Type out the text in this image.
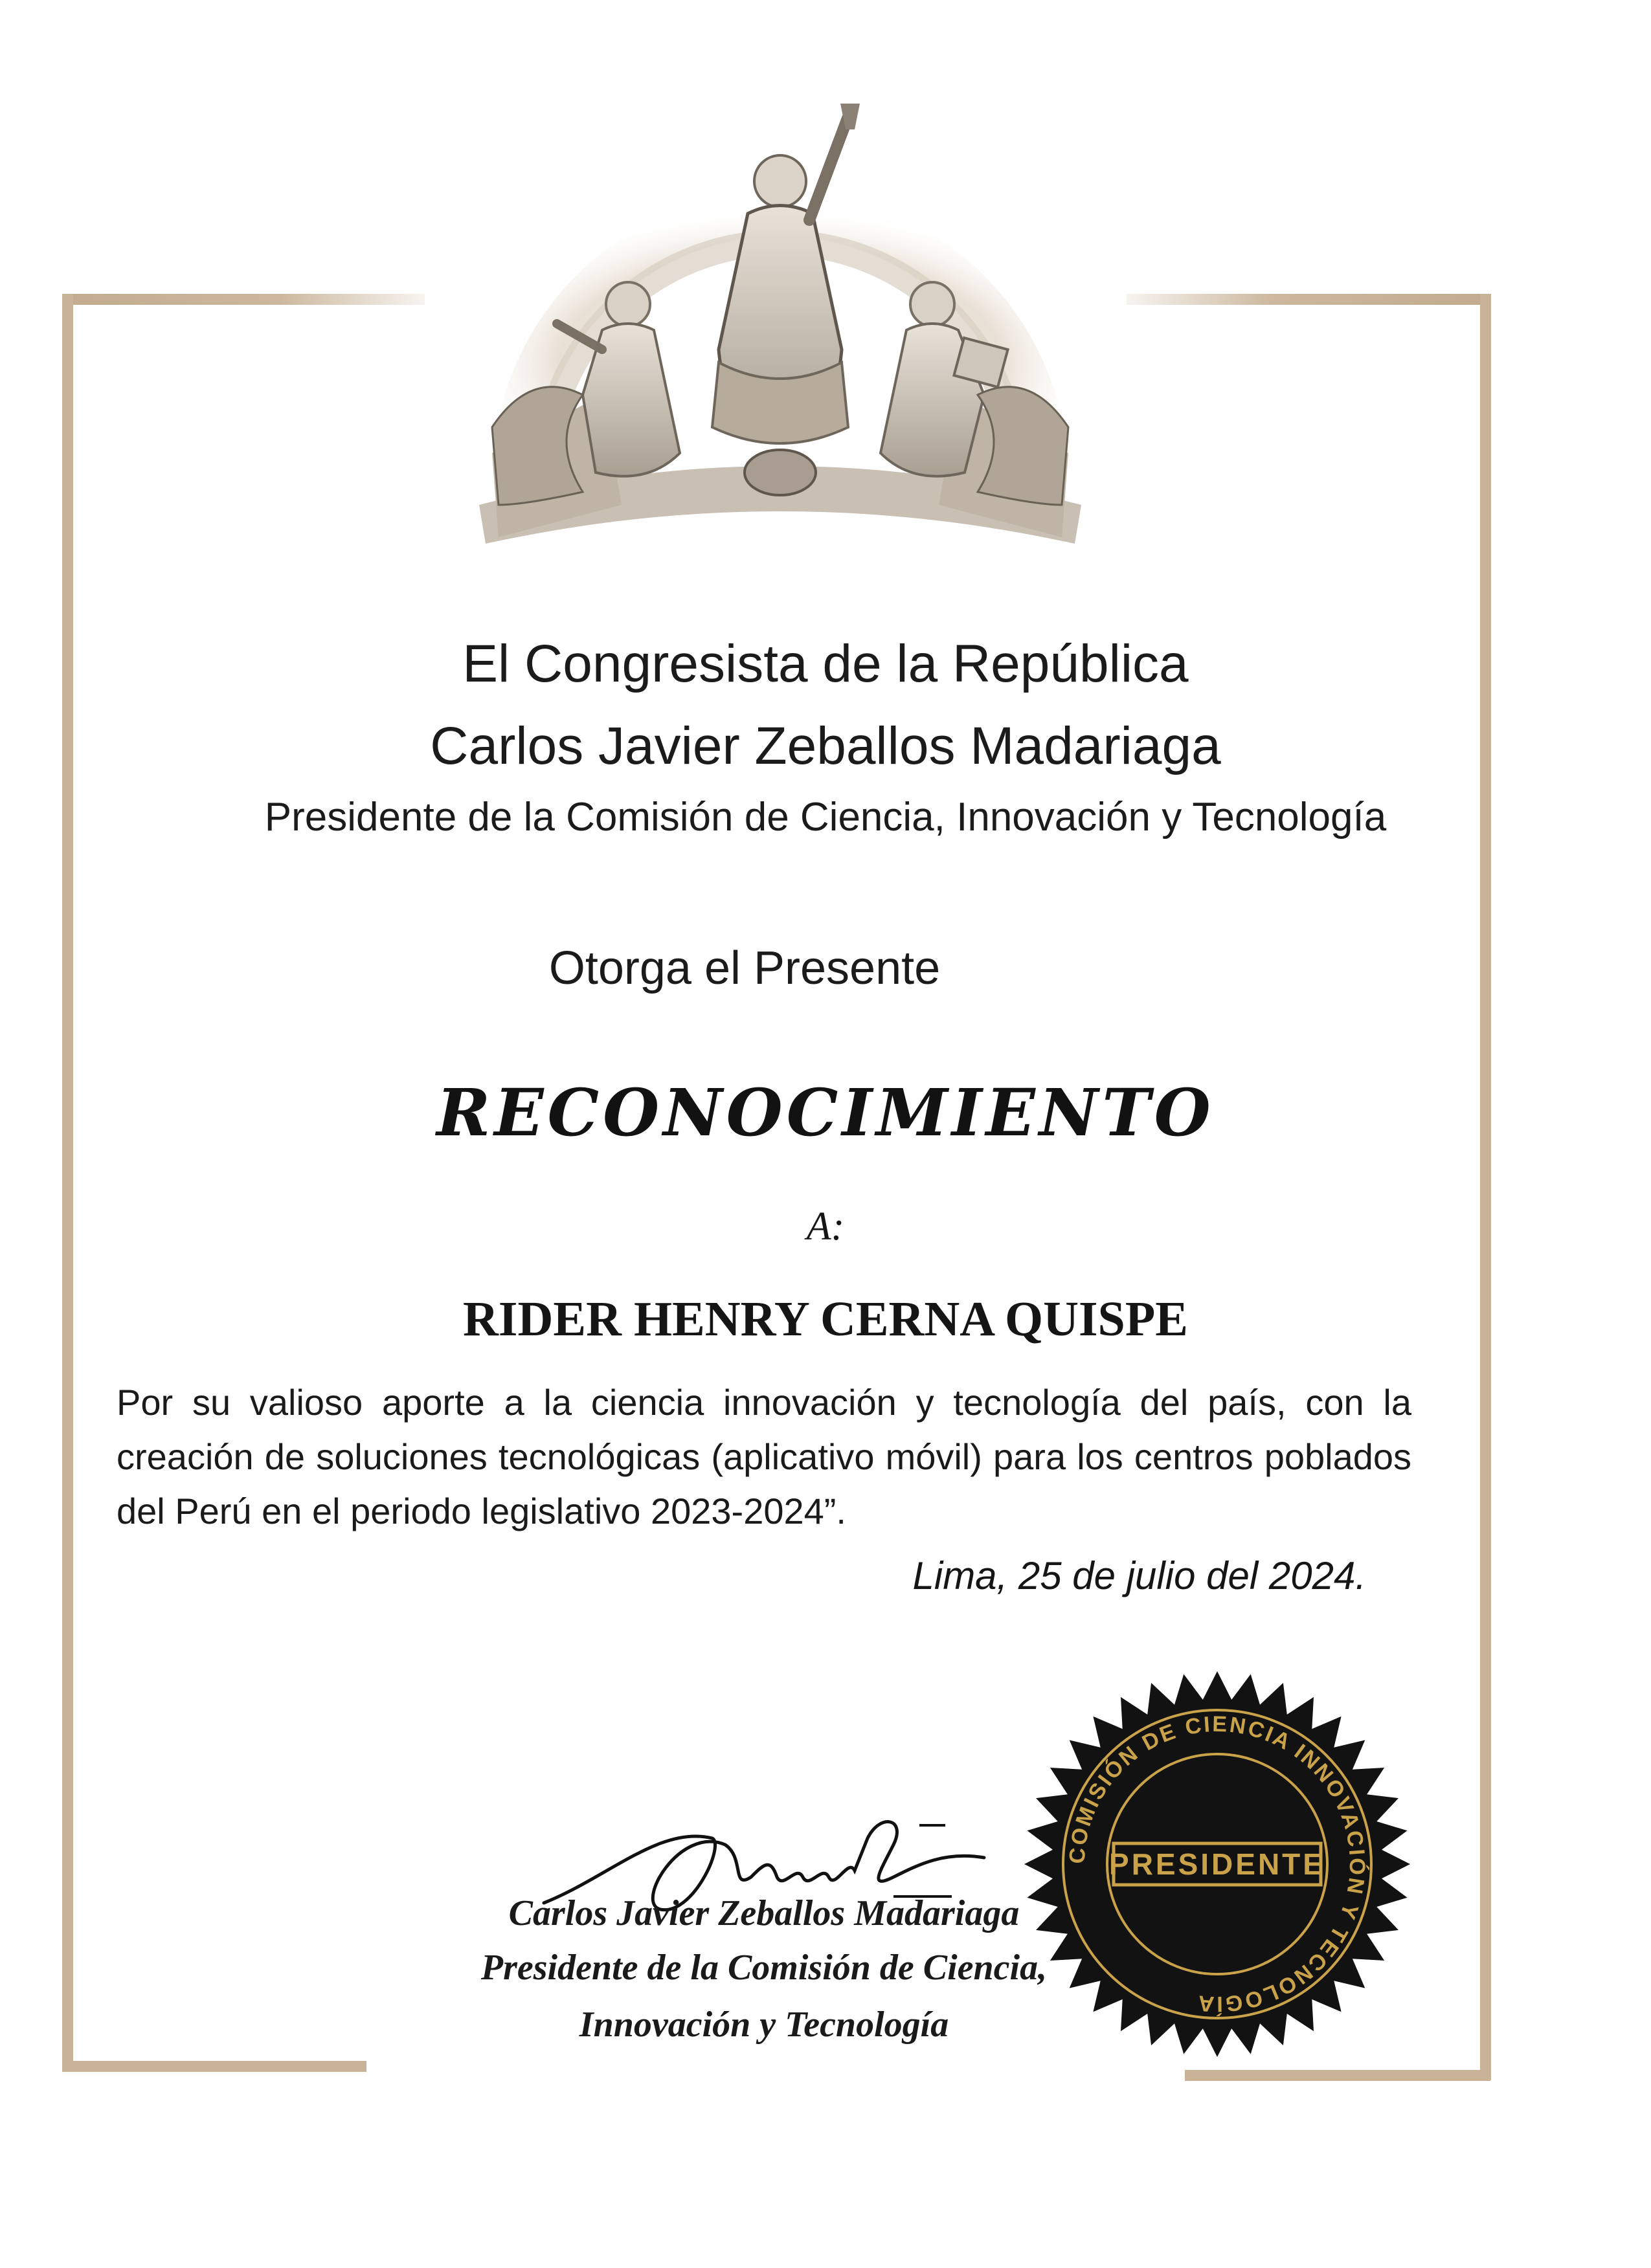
El Congresista de la República
Carlos Javier Zeballos Madariaga
Presidente de la Comisión de Ciencia, Innovación y Tecnología
Otorga el Presente
RECONOCIMIENTO
A:
RIDER HENRY CERNA QUISPE
Por su valioso aporte a la ciencia innovación y tecnología del país, con la creación de soluciones tecnológicas (aplicativo móvil) para los centros poblados del Perú en el periodo legislativo 2023-2024”.
Lima, 25 de julio del 2024.
Carlos Javier Zeballos Madariaga
Presidente de la Comisión de Ciencia,
Innovación y Tecnología
COMISIÓN DE CIENCIA INNOVACIÓN Y TECNOLOGÍA
PRESIDENTE
